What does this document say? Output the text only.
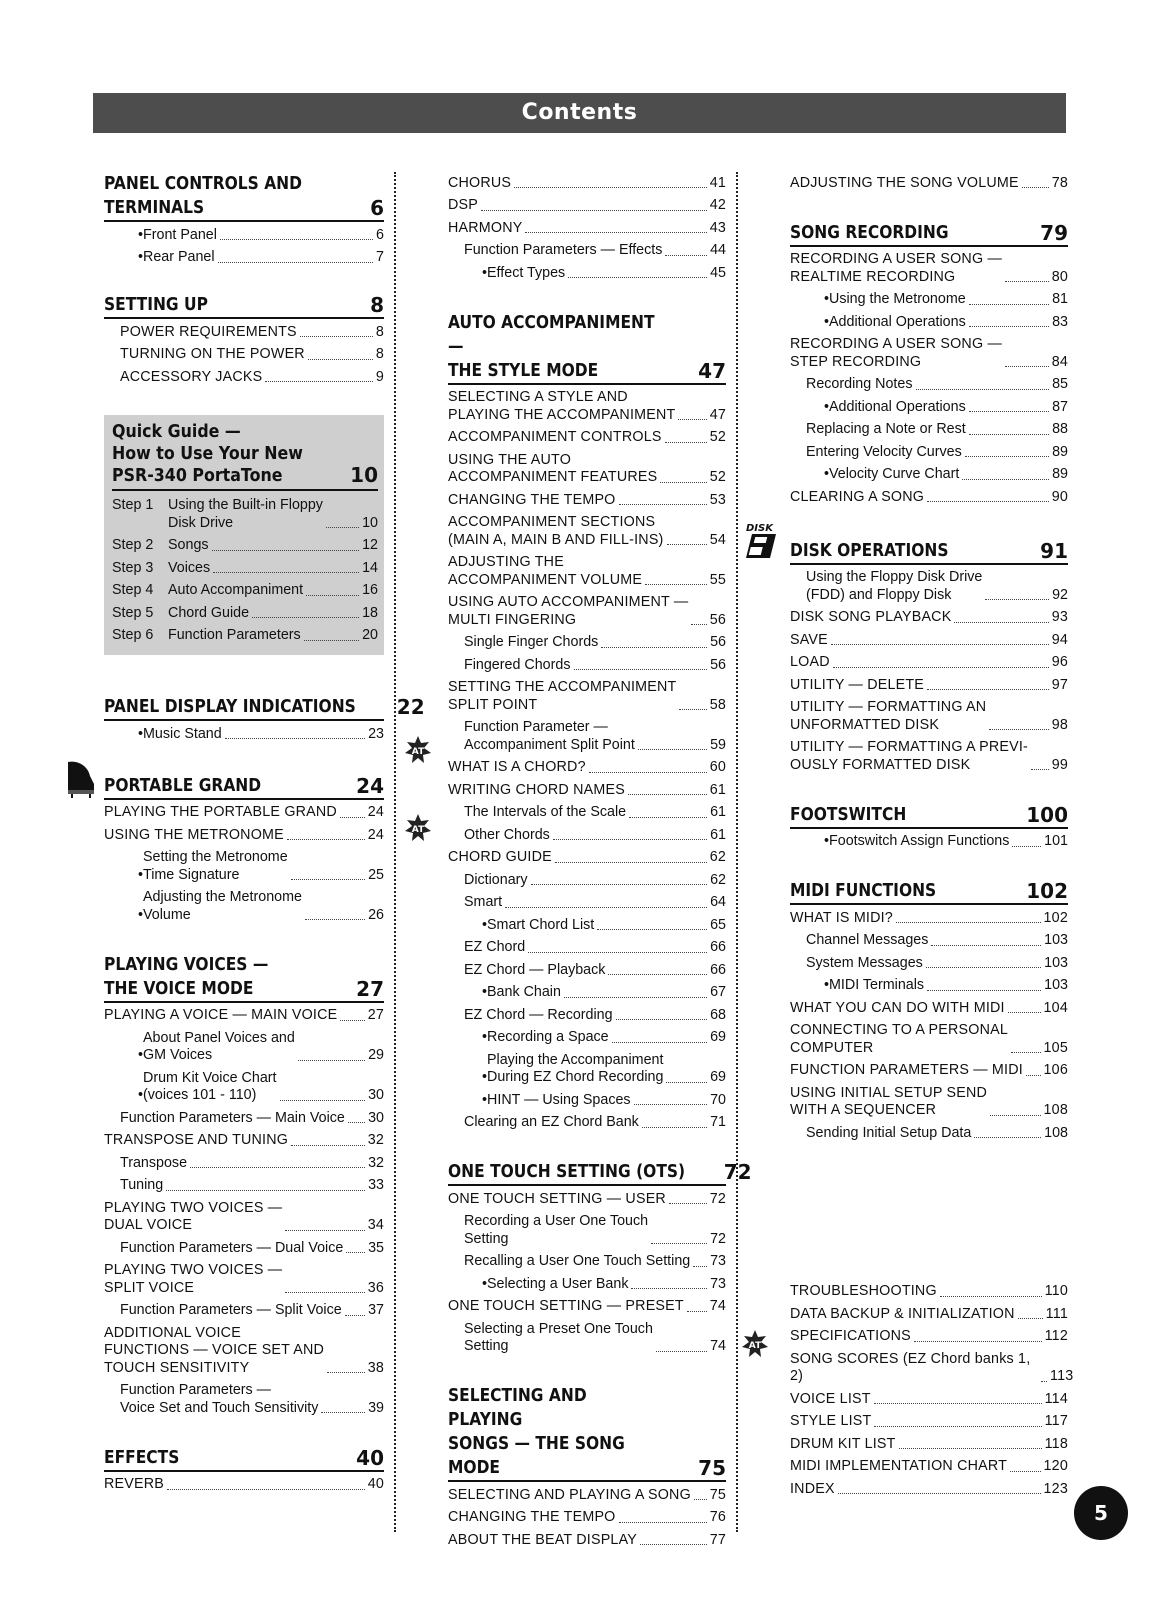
Contents
PANEL CONTROLS AND
TERMINALS	6
• Front Panel	6
• Rear Panel	7
SETTING UP	8
POWER REQUIREMENTS	8
TURNING ON THE POWER	8
ACCESSORY JACKS	9
Quick Guide —
How to Use Your New
PSR-340 PortaTone	10
Step 1	Using the Built-in Floppy
Disk Drive	10
Step 2	Songs	12
Step 3	Voices	14
Step 4	Auto Accompaniment	16
Step 5	Chord Guide	18
Step 6	Function Parameters	20
PANEL DISPLAY INDICATIONS 22
• Music Stand	23
PORTABLE GRAND	24
PLAYING THE PORTABLE GRAND 24
USING THE METRONOME	24
• Setting the Metronome
Time Signature	25
• Adjusting the Metronome
Volume	26
PLAYING VOICES —
THE VOICE MODE	27
PLAYING A VOICE — MAIN VOICE 27
• About Panel Voices and
GM Voices	29
• Drum Kit Voice Chart
(voices 101 - 110)	30
Function Parameters — Main Voice 30
TRANSPOSE AND TUNING	32
Transpose	32
Tuning	33
PLAYING TWO VOICES —
DUAL VOICE	34
Function Parameters — Dual Voice 35
PLAYING TWO VOICES —
SPLIT VOICE	36
Function Parameters — Split Voice 37
ADDITIONAL VOICE
FUNCTIONS — VOICE SET AND
TOUCH SENSITIVITY	38
Function Parameters —
Voice Set and Touch Sensitivity	39
EFFECTS	40
REVERB	40
CHORUS	41
DSP	42
HARMONY	43
Function Parameters — Effects	44
• Effect Types	45
AUTO ACCOMPANIMENT —
THE STYLE MODE	47
SELECTING A STYLE AND
PLAYING THE ACCOMPANIMENT 47
ACCOMPANIMENT CONTROLS	52
USING THE AUTO
ACCOMPANIMENT FEATURES	52
CHANGING THE TEMPO	53
ACCOMPANIMENT SECTIONS
(MAIN A, MAIN B AND FILL-INS)	54
ADJUSTING THE
ACCOMPANIMENT VOLUME	55
USING AUTO ACCOMPANIMENT —
MULTI FINGERING	56
Single Finger Chords	56
Fingered Chords	56
SETTING THE ACCOMPANIMENT
SPLIT POINT	58
Function Parameter —
Accompaniment Split Point	59
WHAT IS A CHORD?	60
WRITING CHORD NAMES	61
The Intervals of the Scale	61
Other Chords	61
CHORD GUIDE	62
Dictionary	62
Smart	64
• Smart Chord List	65
EZ Chord	66
EZ Chord — Playback	66
• Bank Chain	67
EZ Chord — Recording	68
• Recording a Space	69
• Playing the Accompaniment
During EZ Chord Recording	69
• HINT — Using Spaces	70
Clearing an EZ Chord Bank	71
ONE TOUCH SETTING (OTS) 72
ONE TOUCH SETTING — USER	72
Recording a User One Touch
Setting	72
Recalling a User One Touch Setting 73
• Selecting a User Bank	73
ONE TOUCH SETTING — PRESET 74
Selecting a Preset One Touch
Setting	74
SELECTING AND PLAYING
SONGS — THE SONG MODE	75
SELECTING AND PLAYING A SONG 75
CHANGING THE TEMPO	76
ABOUT THE BEAT DISPLAY	77
AT
AT
ADJUSTING THE SONG VOLUME 78
SONG RECORDING	79
RECORDING A USER SONG —
REALTIME RECORDING	80
• Using the Metronome	81
• Additional Operations	83
RECORDING A USER SONG —
STEP RECORDING	84
Recording Notes	85
• Additional Operations	87
Replacing a Note or Rest	88
Entering Velocity Curves	89
• Velocity Curve Chart	89
CLEARING A SONG	90
DISK OPERATIONS	91
Using the Floppy Disk Drive
(FDD) and Floppy Disk	92
DISK SONG PLAYBACK	93
SAVE	94
LOAD	96
UTILITY — DELETE	97
UTILITY — FORMATTING AN
UNFORMATTED DISK	98
UTILITY — FORMATTING A PREVI-
OUSLY FORMATTED DISK	99
FOOTSWITCH	100
• Footswitch Assign Functions 101
MIDI FUNCTIONS	102
WHAT IS MIDI?	102
Channel Messages	103
System Messages	103
• MIDI Terminals	103
WHAT YOU CAN DO WITH MIDI	104
CONNECTING TO A PERSONAL
COMPUTER	105
FUNCTION PARAMETERS — MIDI 106
USING INITIAL SETUP SEND
WITH A SEQUENCER	108
Sending Initial Setup Data	108
TROUBLESHOOTING	110
DATA BACKUP & INITIALIZATION 111
SPECIFICATIONS	112
SONG SCORES (EZ Chord banks 1, 2)	113
VOICE LIST	114
STYLE LIST	117
DRUM KIT LIST	118
MIDI IMPLEMENTATION CHART	120
INDEX	123
DISK
AT
5
